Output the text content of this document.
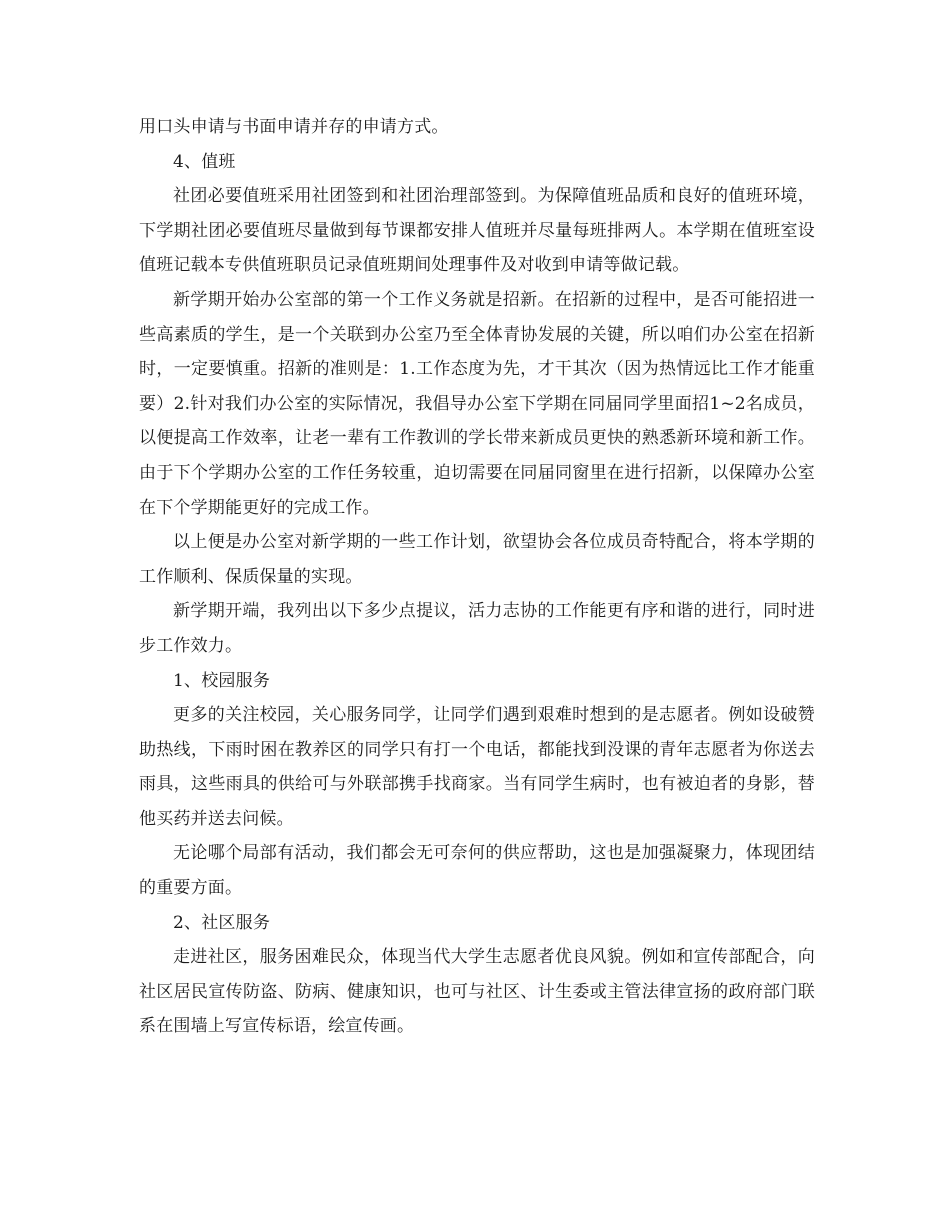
用口头申请与书面申请并存的申请方式。

4、值班

社团必要值班采用社团签到和社团治理部签到。为保障值班品质和良好的值班环境，下学期社团必要值班尽量做到每节课都安排人值班并尽量每班排两人。本学期在值班室设值班记载本专供值班职员记录值班期间处理事件及对收到申请等做记载。

新学期开始办公室部的第一个工作义务就是招新。在招新的过程中，是否可能招进一些高素质的学生，是一个关联到办公室乃至全体青协发展的关键，所以咱们办公室在招新时，一定要慎重。招新的准则是：1.工作态度为先，才干其次（因为热情远比工作才能重要）2.针对我们办公室的实际情况，我倡导办公室下学期在同届同学里面招1~2名成员，以便提高工作效率，让老一辈有工作教训的学长带来新成员更快的熟悉新环境和新工作。由于下个学期办公室的工作任务较重，迫切需要在同届同窗里在进行招新，以保障办公室在下个学期能更好的完成工作。

以上便是办公室对新学期的一些工作计划，欲望协会各位成员奇特配合，将本学期的工作顺利、保质保量的实现。

新学期开端，我列出以下多少点提议，活力志协的工作能更有序和谐的进行，同时进步工作效力。

1、校园服务

更多的关注校园，关心服务同学，让同学们遇到艰难时想到的是志愿者。例如设破赞助热线，下雨时困在教养区的同学只有打一个电话，都能找到没课的青年志愿者为你送去雨具，这些雨具的供给可与外联部携手找商家。当有同学生病时，也有被迫者的身影，替他买药并送去问候。

无论哪个局部有活动，我们都会无可奈何的供应帮助，这也是加强凝聚力，体现团结的重要方面。

2、社区服务

走进社区，服务困难民众，体现当代大学生志愿者优良风貌。例如和宣传部配合，向社区居民宣传防盗、防病、健康知识，也可与社区、计生委或主管法律宣扬的政府部门联系在围墙上写宣传标语，绘宣传画。
